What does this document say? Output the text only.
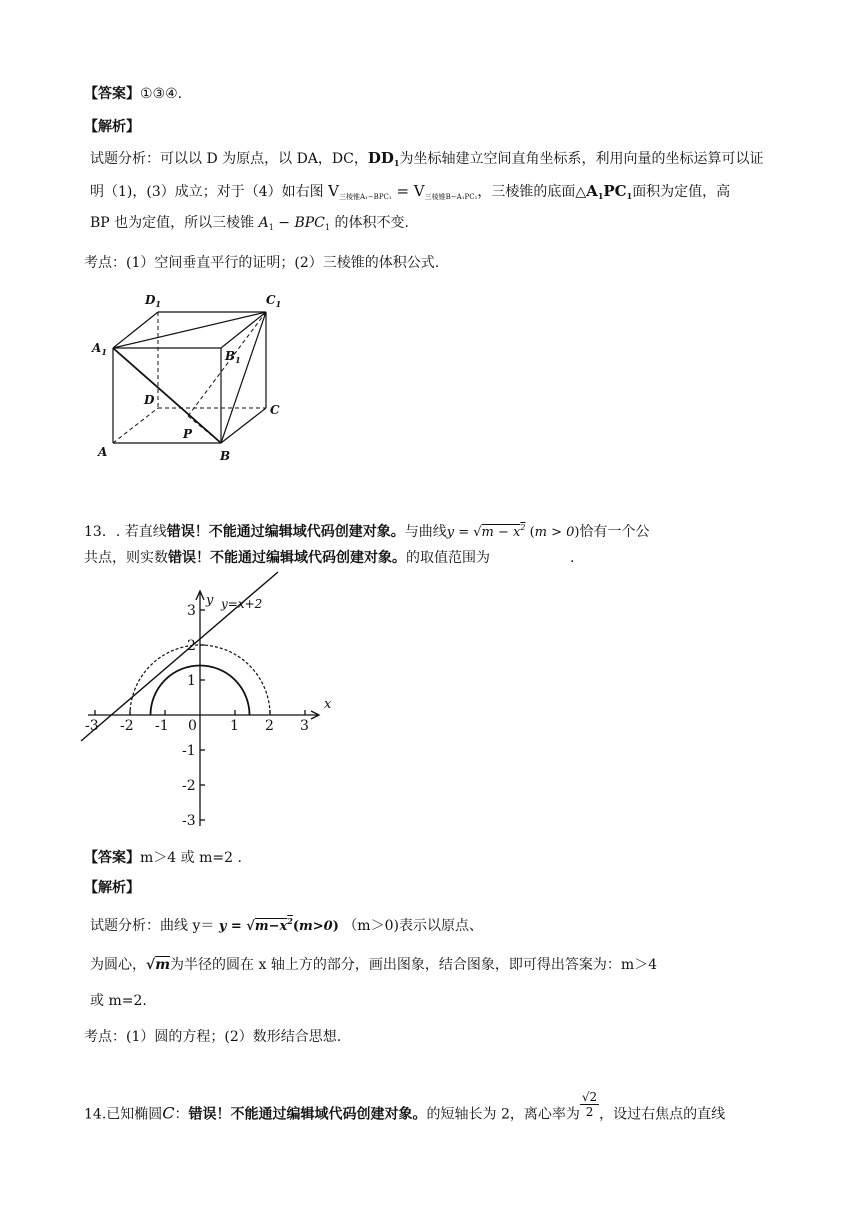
【答案】①③④.
【解析】
试题分析：可以以 D 为原点，以 DA，DC，$DD_1$为坐标轴建立空间直角坐标系，利用向量的坐标运算可以证
明（1)，(3）成立；对于（4）如右图 $V_{三棱锥A_1-BPC_1} = V_{三棱锥B-A_1PC_1}$，三棱锥的底面$\triangle A_1PC_1$面积为定值，高
BP 也为定值，所以三棱锥 $A_1 - BPC_1$ 的体积不变.
考点：(1）空间垂直平行的证明；(2）三棱锥的体积公式.
$D_1$	$C_1$
$A_1$	$B_1$
D
C
P
A	B
13．. 若直线错误！不能通过编辑域代码创建对象。与曲线$y = √m - x^2$ (m > 0)恰有一个公
共点，则实数错误！不能通过编辑域代码创建对象。的取值范围为	.
y=x+2
x
y
-3 -2 -1 0 1 2 3
3
2
1
-1
-2
-3
【答案】m＞4 或 m=2 .
【解析】
试题分析：曲线 $y= y = √m-x^2(m>0)$ （m＞0)表示以原点、
为圆心，√m为半径的圆在 x 轴上方的部分，画出图象，结合图象，即可得出答案为：m＞4
或 m=2.
考点：(1）圆的方程；(2）数形结合思想.
14.已知椭圆C：错误！不能通过编辑域代码创建对象。的短轴长为 2，离心率为 $\frac{√2}{2}$ ，设过右焦点的直线
